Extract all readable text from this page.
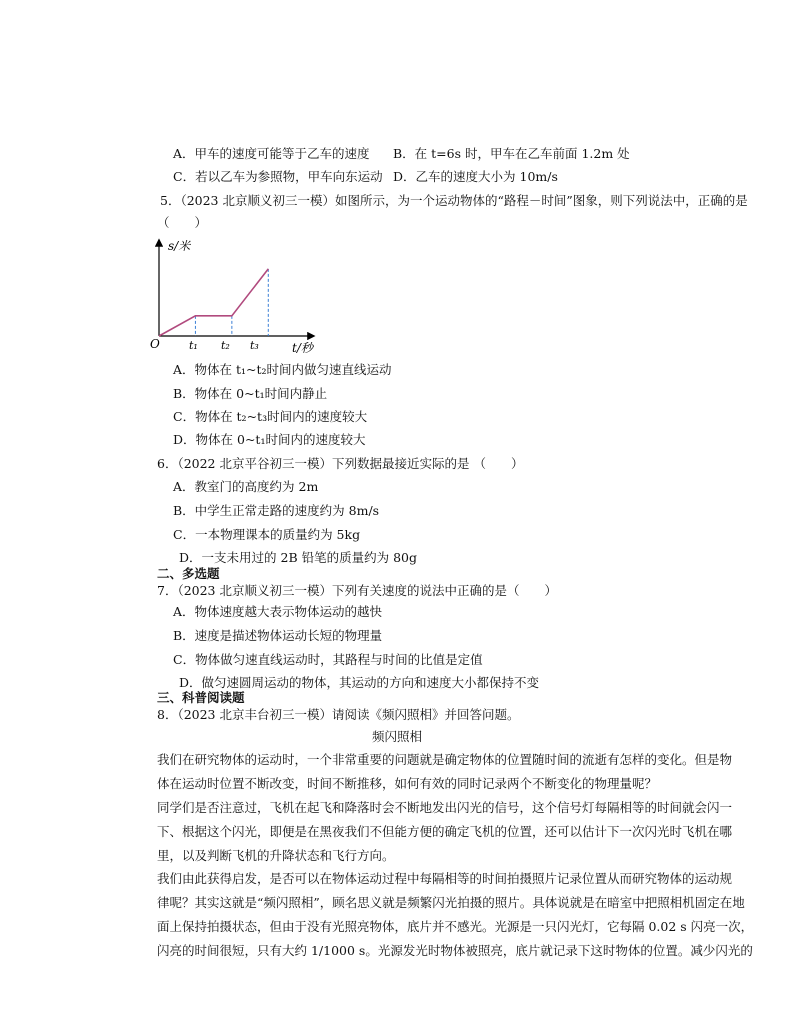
A．甲车的速度可能等于乙车的速度 B．在 t=6s 时，甲车在乙车前面 1.2m 处
C．若以乙车为参照物，甲车向东运动 D．乙车的速度大小为 10m/s
5．（2023 北京顺义初三一模）如图所示，为一个运动物体的“路程－时间”图象，则下列说法中，正确的是
（　　）
s/米
t/秒
O	t₁ t₂ t₃
A．物体在 t₁~t₂时间内做匀速直线运动
B．物体在 0~t₁时间内静止
C．物体在 t₂~t₃时间内的速度较大
D．物体在 0~t₁时间内的速度较大
6．（2022 北京平谷初三一模）下列数据最接近实际的是 （　　）
A．教室门的高度约为 2m
B．中学生正常走路的速度约为 8m/s
C．一本物理课本的质量约为 5kg
D．一支未用过的 2B 铅笔的质量约为 80g
二、多选题
7．（2023 北京顺义初三一模）下列有关速度的说法中正确的是（　　）
A．物体速度越大表示物体运动的越快
B．速度是描述物体运动长短的物理量
C．物体做匀速直线运动时，其路程与时间的比值是定值
D．做匀速圆周运动的物体，其运动的方向和速度大小都保持不变
三、科普阅读题
8．（2023 北京丰台初三一模）请阅读《频闪照相》并回答问题。
频闪照相
我们在研究物体的运动时，一个非常重要的问题就是确定物体的位置随时间的流逝有怎样的变化。但是物
体在运动时位置不断改变，时间不断推移，如何有效的同时记录两个不断变化的物理量呢？
同学们是否注意过，飞机在起飞和降落时会不断地发出闪光的信号，这个信号灯每隔相等的时间就会闪一
下、根据这个闪光，即便是在黑夜我们不但能方便的确定飞机的位置，还可以估计下一次闪光时飞机在哪
里，以及判断飞机的升降状态和飞行方向。
我们由此获得启发，是否可以在物体运动过程中每隔相等的时间拍摄照片记录位置从而研究物体的运动规
律呢？其实这就是“频闪照相”，顾名思义就是频繁闪光拍摄的照片。具体说就是在暗室中把照相机固定在地
面上保持拍摄状态，但由于没有光照亮物体，底片并不感光。光源是一只闪光灯，它每隔 0.02 s 闪亮一次，
闪亮的时间很短，只有大约 1/1000 s。光源发光时物体被照亮，底片就记录下这时物体的位置。减少闪光的
